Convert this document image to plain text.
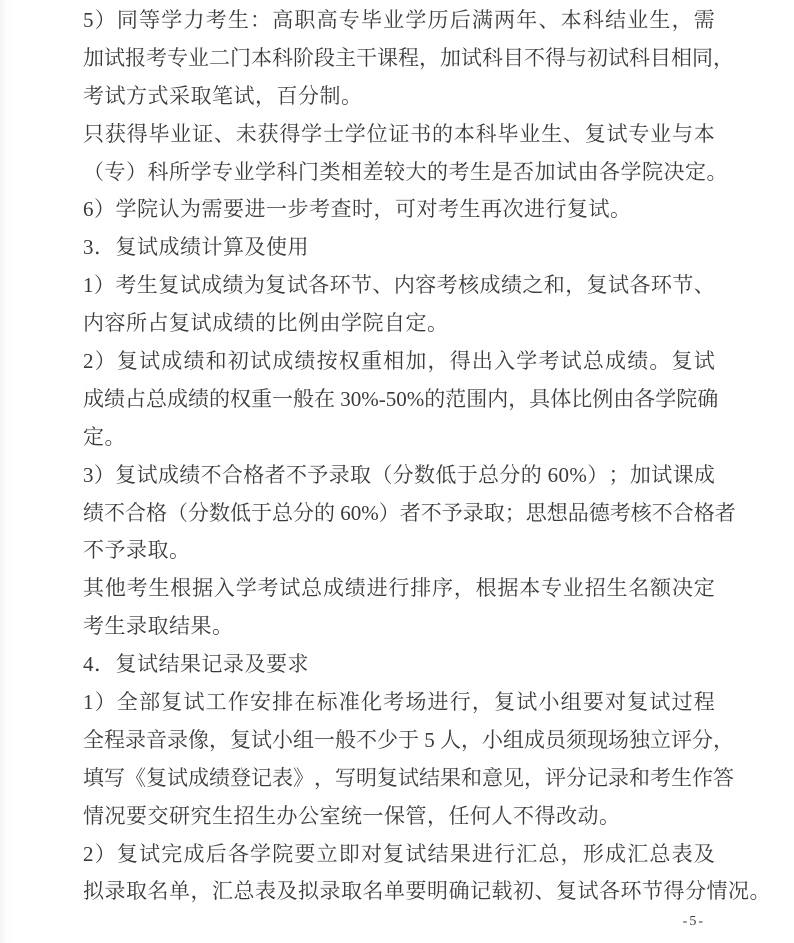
5 ） 同 等 学 力 考 生 ： 高 职 高 专 毕 业 学 历 后 满 两 年 、 本 科 结 业 生 ， 需
加 试 报 考 专 业 二 门 本 科 阶 段 主 干 课 程 ， 加 试 科 目 不 得 与 初 试 科 目 相 同 ，
考试方式采取笔试，百分制。
只 获 得 毕 业 证 、 未 获 得 学 士 学 位 证 书 的 本 科 毕 业 生 、 复 试 专 业 与 本
（专）科所学专业学科门类相差较大的考生是否加试由各学院决定。
6）学院认为需要进一步考查时，可对考生再次进行复试。
3．复试成绩计算及使用
1 ） 考 生 复 试 成 绩 为 复 试 各 环 节 、 内 容 考 核 成 绩 之 和 ， 复 试 各 环 节 、
内容所占复试成绩的比例由学院自定。
2 ） 复 试 成 绩 和 初 试 成 绩 按 权 重 相 加 ， 得 出 入 学 考 试 总 成 绩 。 复 试
成 绩 占 总 成 绩 的 权 重 一 般 在
3 0 % - 5 0 % 的 范 围 内 ， 具 体 比 例 由 各 学 院 确
定。
3 ） 复 试 成 绩 不 合 格 者 不 予 录 取 （ 分 数 低 于 总 分 的
6 0 % ） ； 加 试 课 成
绩 不 合 格 （ 分 数 低 于 总 分 的
6 0 % ） 者 不 予 录 取 ； 思 想 品 德 考 核 不 合 格 者
不予录取。
其 他 考 生 根 据 入 学 考 试 总 成 绩 进 行 排 序 ， 根 据 本 专 业 招 生 名 额 决 定
考生录取结果。
4．复试结果记录及要求
1 ） 全 部 复 试 工 作 安 排 在 标 准 化 考 场 进 行 ， 复 试 小 组 要 对 复 试 过 程
全 程 录 音 录 像 ， 复 试 小 组 一 般 不 少 于
5
人 ， 小 组 成 员 须 现 场 独 立 评 分 ，
填 写 《 复 试 成 绩 登 记 表 》 ， 写 明 复 试 结 果 和 意 见 ， 评 分 记 录 和 考 生 作 答
情况要交研究生招生办公室统一保管，任何人不得改动。
2 ） 复 试 完 成 后 各 学 院 要 立 即 对 复 试 结 果 进 行 汇 总 ， 形 成 汇 总 表 及
拟录取名单，汇总表及拟录取名单要明确记载初、复试各环节得分情况。
-5-
